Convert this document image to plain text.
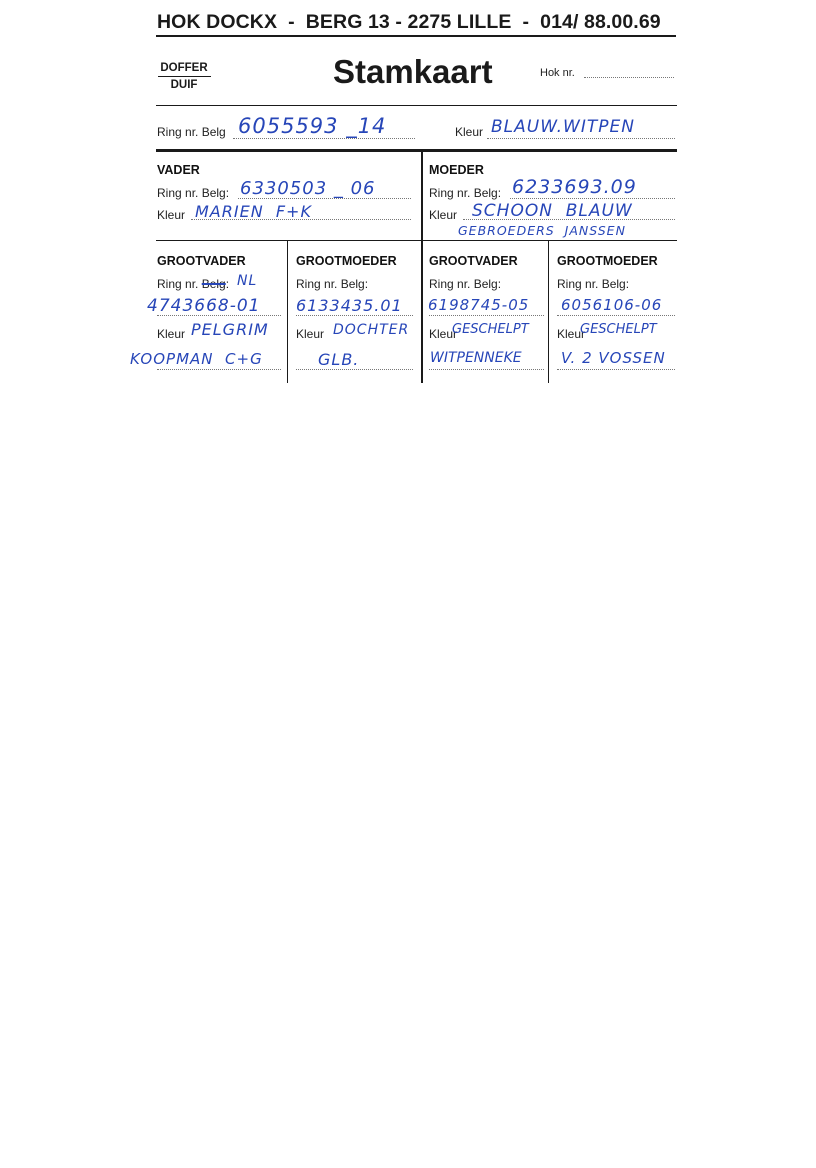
HOK DOCKX  -  BERG 13 - 2275 LILLE  -  014/ 88.00.69
DOFFER
DUIF	Stamkaart	Hok nr.
Ring nr. Belg 6055593 _14	Kleur BLAUW.WITPEN
VADER
Ring nr. Belg: 6330503 _ 06
Kleur MARIEN  F+K
MOEDER
Ring nr. Belg: 6233693.09
Kleur SCHOON  BLAUW
GEBROEDERS  JANSSEN
GROOTVADER
Ring nr. Belg: NL
4743668-01
Kleur PELGRIM
KOOPMAN  C+G
GROOTMOEDER
Ring nr. Belg:
6133435.01
Kleur DOCHTER
GLB.
GROOTVADER
Ring nr. Belg:
6198745-05
Kleur
GESCHELPT
WITPENNEKE
GROOTMOEDER
Ring nr. Belg:
6056106-06
Kleur
GESCHELPT
V. 2 VOSSEN
